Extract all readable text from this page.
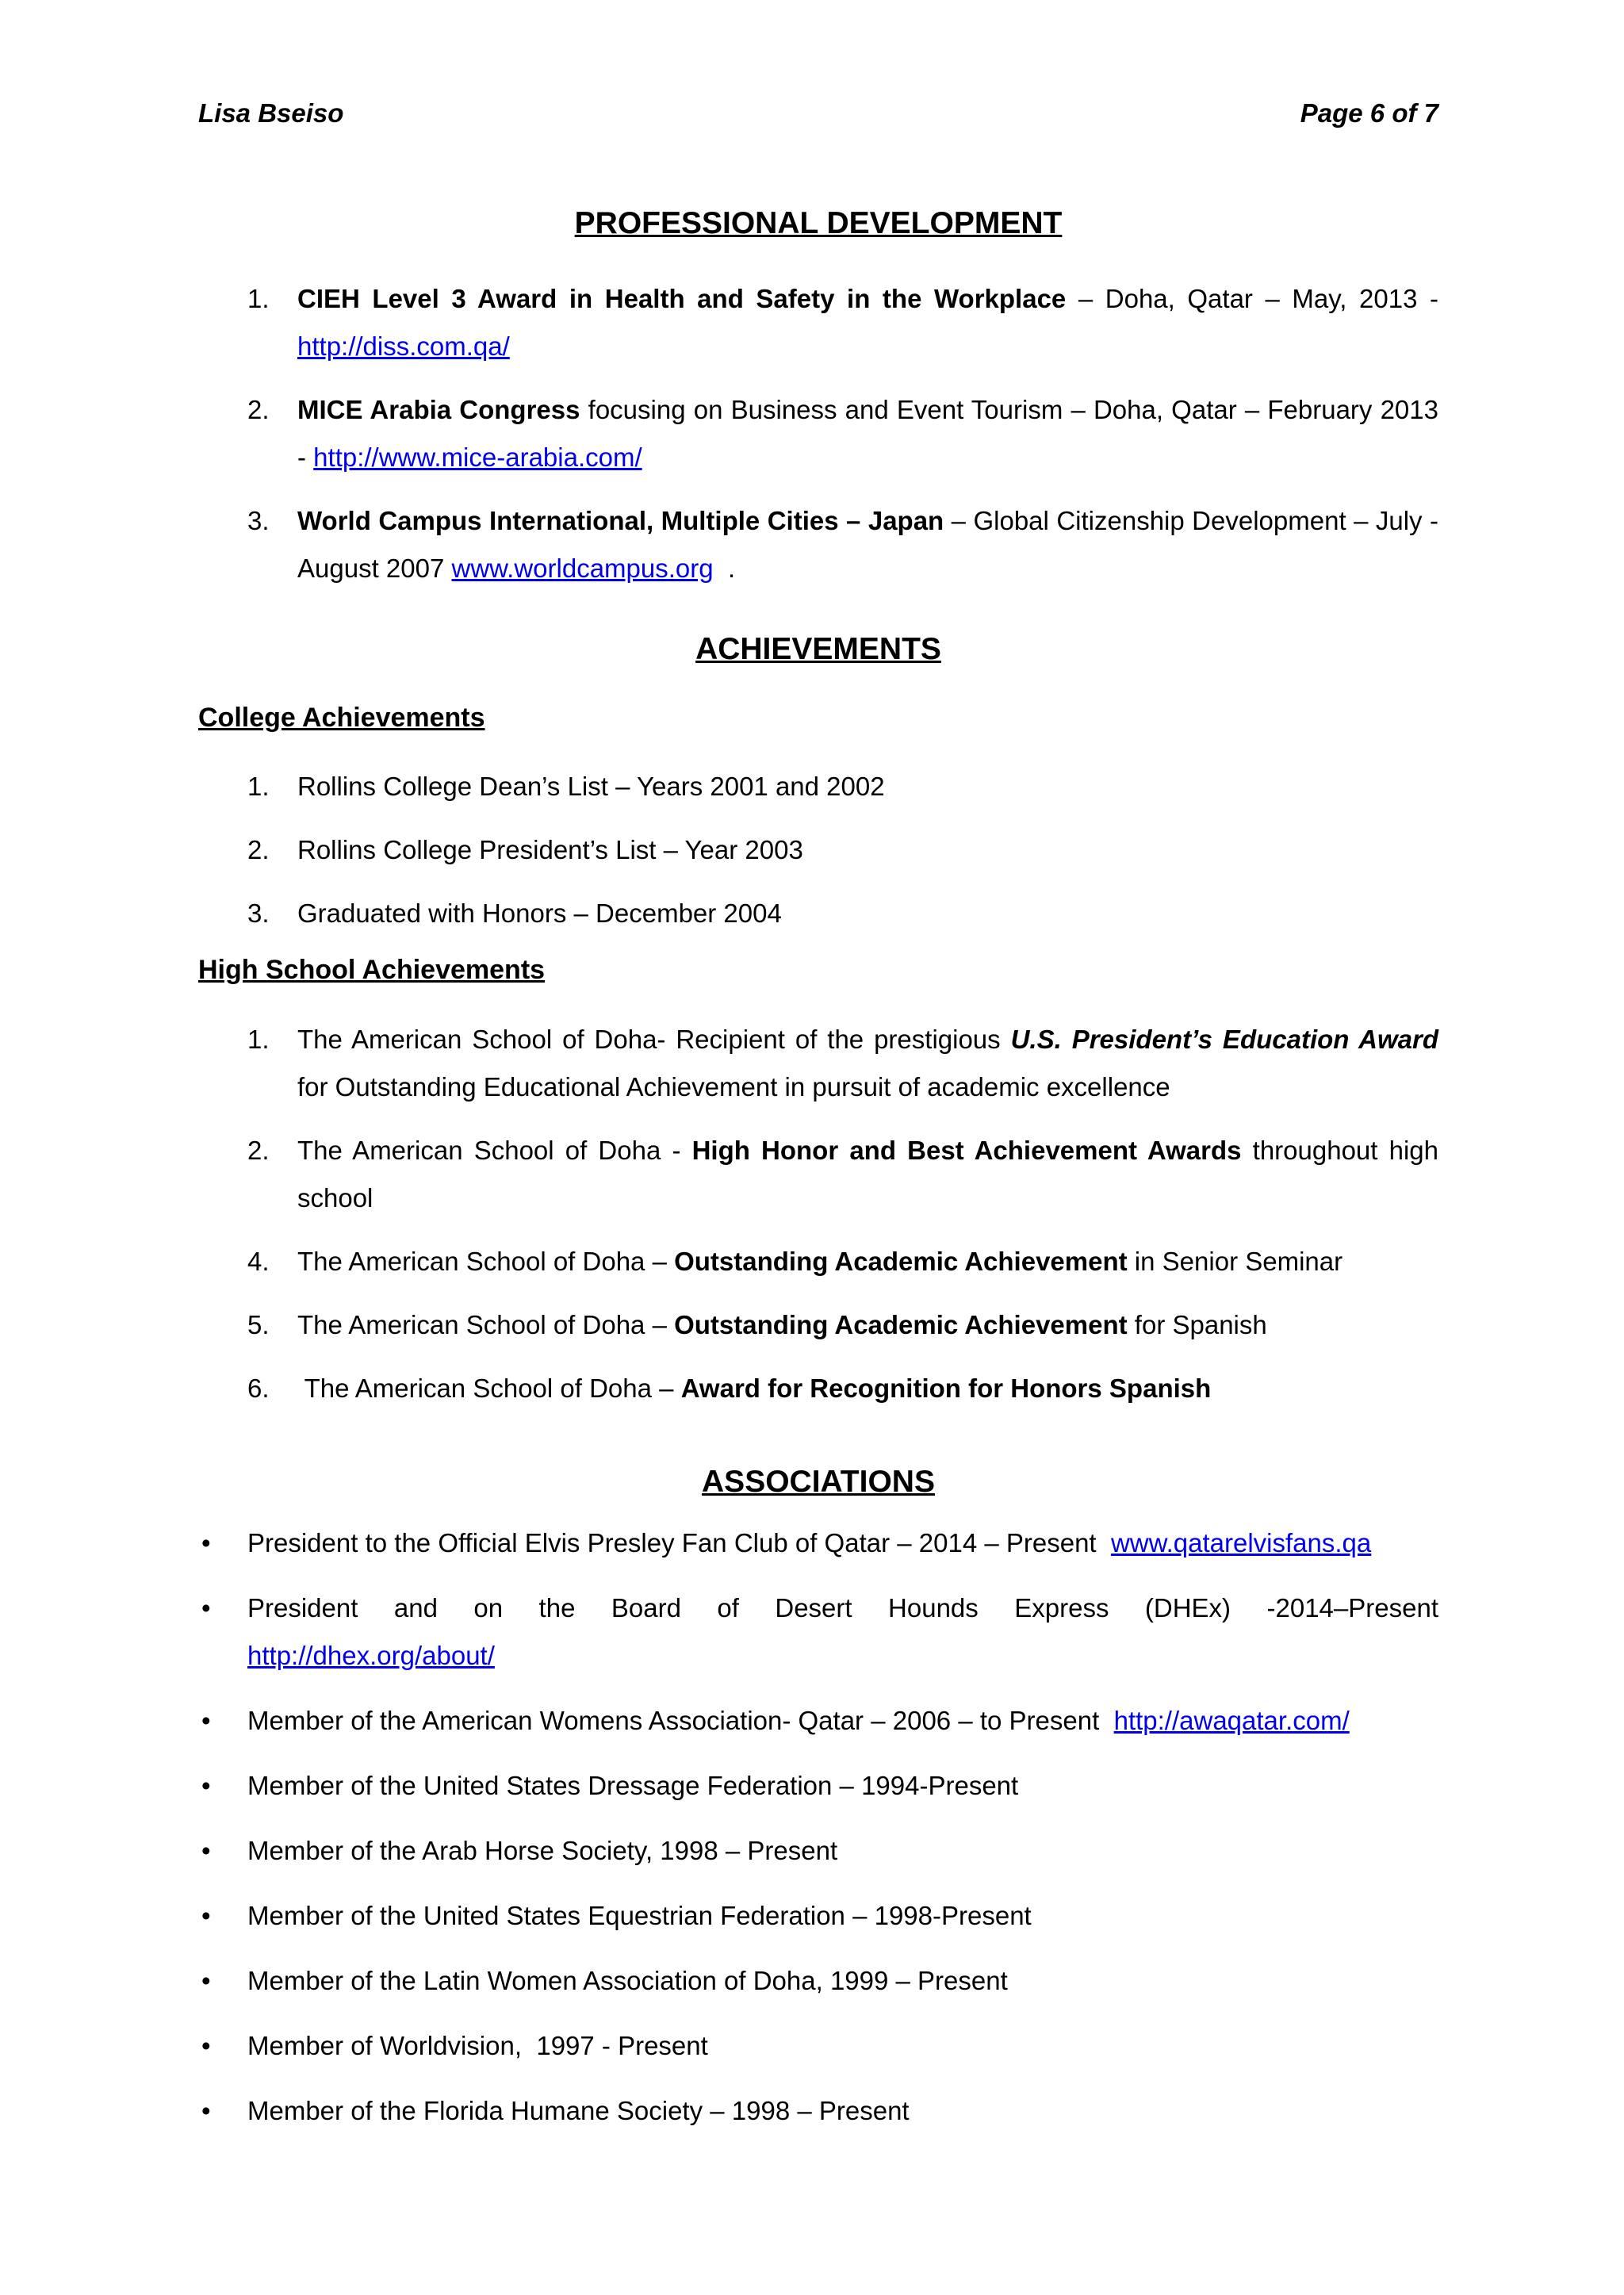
Lisa Bseiso	Page 6 of 7
PROFESSIONAL DEVELOPMENT
1. CIEH Level 3 Award in Health and Safety in the Workplace – Doha, Qatar – May, 2013 - http://diss.com.qa/
2. MICE Arabia Congress focusing on Business and Event Tourism – Doha, Qatar – February 2013 - http://www.mice-arabia.com/
3. World Campus International, Multiple Cities – Japan – Global Citizenship Development – July - August 2007 www.worldcampus.org  .
ACHIEVEMENTS
College Achievements
1. Rollins College Dean’s List – Years 2001 and 2002
2. Rollins College President’s List – Year 2003
3. Graduated with Honors – December 2004
High School Achievements
1. The American School of Doha- Recipient of the prestigious U.S. President’s Education Award for Outstanding Educational Achievement in pursuit of academic excellence
2. The American School of Doha - High Honor and Best Achievement Awards throughout high school
4. The American School of Doha – Outstanding Academic Achievement in Senior Seminar
5. The American School of Doha – Outstanding Academic Achievement for Spanish
6. The American School of Doha – Award for Recognition for Honors Spanish
ASSOCIATIONS
• President to the Official Elvis Presley Fan Club of Qatar – 2014 – Present  www.qatarelvisfans.qa
• President and on the Board of Desert Hounds Express (DHEx) -2014–Present
http://dhex.org/about/
• Member of the American Womens Association- Qatar – 2006 – to Present  http://awaqatar.com/
• Member of the United States Dressage Federation – 1994-Present
• Member of the Arab Horse Society, 1998 – Present
• Member of the United States Equestrian Federation – 1998-Present
• Member of the Latin Women Association of Doha, 1999 – Present
• Member of Worldvision,  1997 - Present
• Member of the Florida Humane Society – 1998 – Present
